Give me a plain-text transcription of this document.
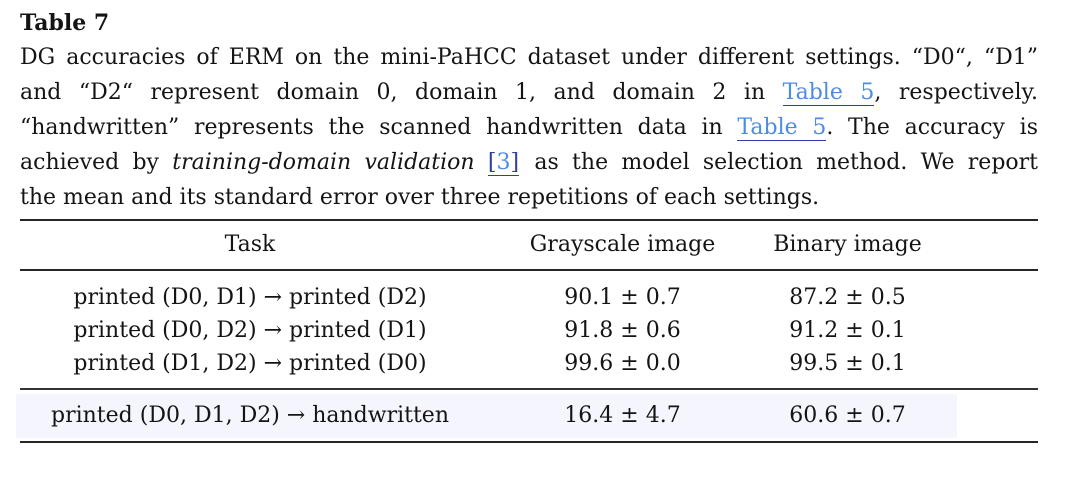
Table 7
DG accuracies of ERM on the mini-PaHCC dataset under different settings. “D0“, “D1”
and “D2“ represent domain 0, domain 1, and domain 2 in Table 5, respectively.
“handwritten” represents the scanned handwritten data in Table 5. The accuracy is
achieved by training-domain validation [3] as the model selection method. We report
the mean and its standard error over three repetitions of each settings.
Task	Grayscale image	Binary image
printed (D0, D1) → printed (D2)	90.1 ± 0.7	87.2 ± 0.5
printed (D0, D2) → printed (D1)	91.8 ± 0.6	91.2 ± 0.1
printed (D1, D2) → printed (D0)	99.6 ± 0.0	99.5 ± 0.1
printed (D0, D1, D2) → handwritten	16.4 ± 4.7	60.6 ± 0.7
